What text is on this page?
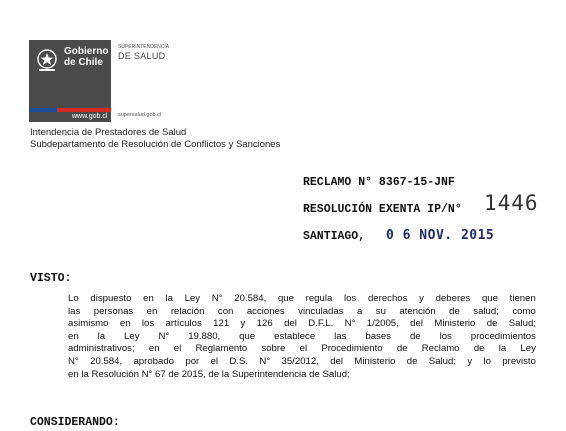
Gobierno
de Chile
www.gob.cl
SUPERINTENDENCIA
DE SALUD
supersalud.gob.cl
Intendencia de Prestadores de Salud
Subdepartamento de Resolución de Conflictos y Sanciones
RECLAMO N° 8367-15-JNF
RESOLUCIÓN EXENTA IP/N° 1446
SANTIAGO, 0 6 NOV. 2015
VISTO:
Lo dispuesto en la Ley N° 20.584, que regula los derechos y deberes que tienen
las personas en relación con acciones vinculadas a su atención de salud; como
asimismo en los artículos 121 y 126 del D.F.L. N° 1/2005, del Ministerio de Salud;
en la Ley N° 19.880, que establece las bases de los procedimientos
administrativos; en el Reglamento sobre el Procedimiento de Reclamo de la Ley
N° 20.584, aprobado por el D.S. N° 35/2012, del Ministerio de Salud; y lo previsto
en la Resolución N° 67 de 2015, de la Superintendencia de Salud;
CONSIDERANDO:
